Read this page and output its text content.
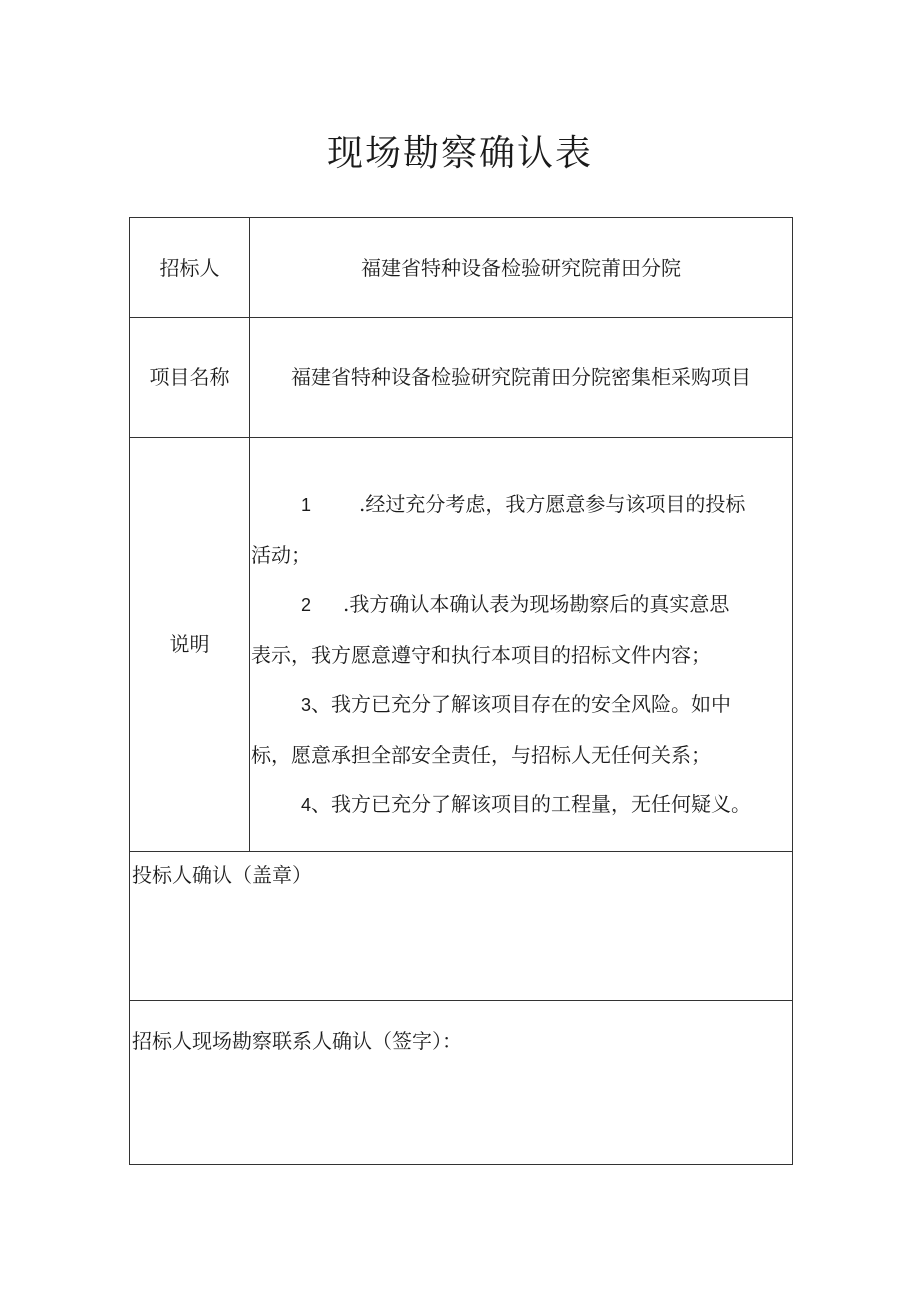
现场勘察确认表
招标人	福建省特种设备检验研究院莆田分院
项目名称	福建省特种设备检验研究院莆田分院密集柜采购项目
说明
1 .经过充分考虑，我方愿意参与该项目的投标
活动；
2 .我方确认本确认表为现场勘察后的真实意思
表示，我方愿意遵守和执行本项目的招标文件内容；
3、我方已充分了解该项目存在的安全风险。如中
标，愿意承担全部安全责任，与招标人无任何关系；
4、我方已充分了解该项目的工程量，无任何疑义。
投标人确认（盖章）
招标人现场勘察联系人确认（签字）：
